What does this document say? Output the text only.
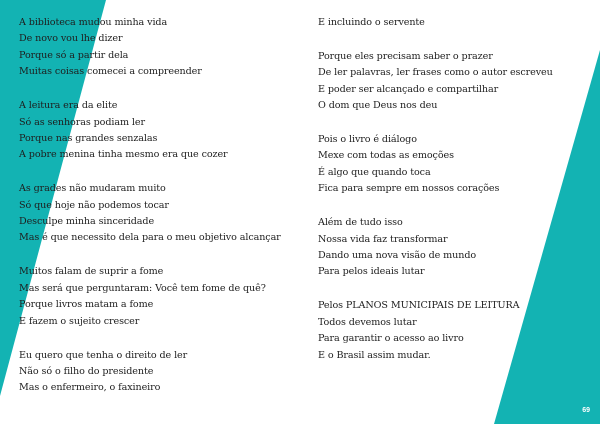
A biblioteca mudou minha vida
De novo vou lhe dizer
Porque só a partir dela
Muitas coisas comecei a compreender
A leitura era da elite
Só as senhoras podiam ler
Porque nas grandes senzalas
A pobre menina tinha mesmo era que cozer
As grades não mudaram muito
Só que hoje não podemos tocar
Desculpe minha sinceridade
Mas é que necessito dela para o meu objetivo alcançar
Muitos falam de suprir a fome
Mas será que perguntaram: Você tem fome de quê?
Porque livros matam a fome
E fazem o sujeito crescer
Eu quero que tenha o direito de ler
Não só o filho do presidente
Mas o enfermeiro, o faxineiro
E incluindo o servente
Porque eles precisam saber o prazer
De ler palavras, ler frases como o autor escreveu
E poder ser alcançado e compartilhar
O dom que Deus nos deu
Pois o livro é diálogo
Mexe com todas as emoções
É algo que quando toca
Fica para sempre em nossos corações
Além de tudo isso
Nossa vida faz transformar
Dando uma nova visão de mundo
Para pelos ideais lutar
Pelos PLANOS MUNICIPAIS DE LEITURA
Todos devemos lutar
Para garantir o acesso ao livro
E o Brasil assim mudar.
69
